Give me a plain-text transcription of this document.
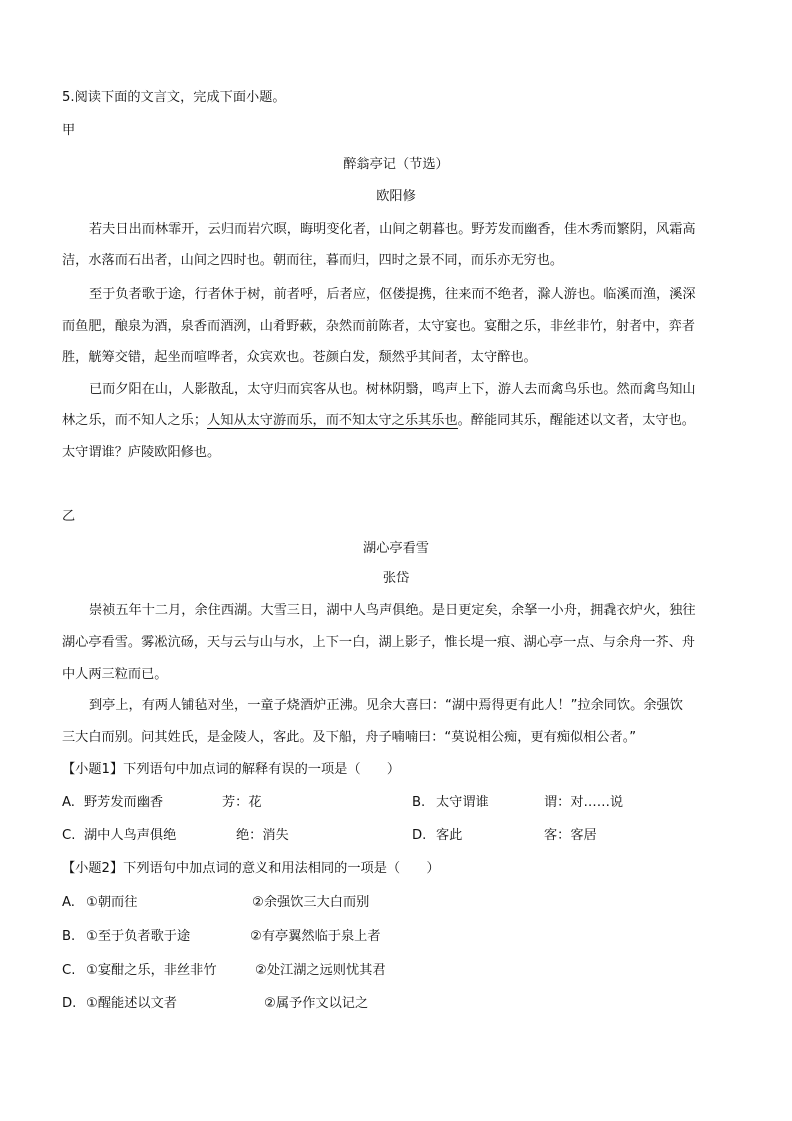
5.阅读下面的文言文，完成下面小题。
甲
醉翁亭记（节选）
欧阳修
若夫日出而林霏开，云归而岩穴暝，晦明变化者，山间之朝暮也。野芳发而幽香，佳木秀而繁阴，风霜高
洁，水落而石出者，山间之四时也。朝而往，暮而归，四时之景不同，而乐亦无穷也。
至于负者歌于途，行者休于树，前者呼，后者应，伛偻提携，往来而不绝者，滁人游也。临溪而渔，溪深
而鱼肥，酿泉为酒，泉香而酒洌，山肴野蔌，杂然而前陈者，太守宴也。宴酣之乐，非丝非竹，射者中，弈者
胜，觥筹交错，起坐而喧哗者，众宾欢也。苍颜白发，颓然乎其间者，太守醉也。
已而夕阳在山，人影散乱，太守归而宾客从也。树林阴翳，鸣声上下，游人去而禽鸟乐也。然而禽鸟知山
林之乐，而不知人之乐；人知从太守游而乐，而不知太守之乐其乐也。醉能同其乐，醒能述以文者，太守也。
太守谓谁？庐陵欧阳修也。
乙
湖心亭看雪
张岱
崇祯五年十二月，余住西湖。大雪三日，湖中人鸟声俱绝。是日更定矣，余拏一小舟，拥毳衣炉火，独往
湖心亭看雪。雾凇沆砀，天与云与山与水，上下一白，湖上影子，惟长堤一痕、湖心亭一点、与余舟一芥、舟
中人两三粒而已。
到亭上，有两人铺毡对坐，一童子烧酒炉正沸。见余大喜曰：“湖中焉得更有此人！”拉余同饮。余强饮
三大白而别。问其姓氏，是金陵人，客此。及下船，舟子喃喃曰：“莫说相公痴，更有痴似相公者。”
【小题1】下列语句中加点词的解释有误的一项是（　　）
A. 野芳发而幽香	芳：花	B. 太守谓谁	谓：对……说
C. 湖中人鸟声俱绝	绝：消失	D. 客此	客：客居
【小题2】下列语句中加点词的意义和用法相同的一项是（　　）
A. ①朝而往	②余强饮三大白而别
B. ①至于负者歌于途	②有亭翼然临于泉上者
C. ①宴酣之乐，非丝非竹	②处江湖之远则忧其君
D. ①醒能述以文者	②属予作文以记之
